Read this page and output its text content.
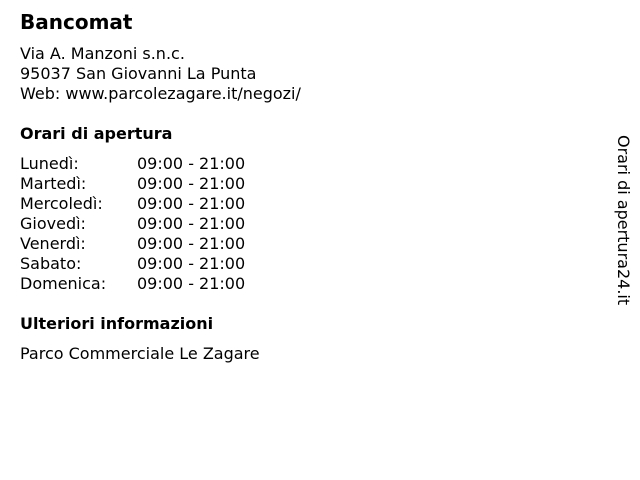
Bancomat
Via A. Manzoni s.n.c.
95037 San Giovanni La Punta
Web: www.parcolezagare.it/negozi/
Orari di apertura
Lunedì:	09:00 - 21:00
Martedì:	09:00 - 21:00
Mercoledì:	09:00 - 21:00
Giovedì:	09:00 - 21:00
Venerdì:	09:00 - 21:00
Sabato:	09:00 - 21:00
Domenica:	09:00 - 21:00
Ulteriori informazioni
Parco Commerciale Le Zagare
Orari di apertura24.it
